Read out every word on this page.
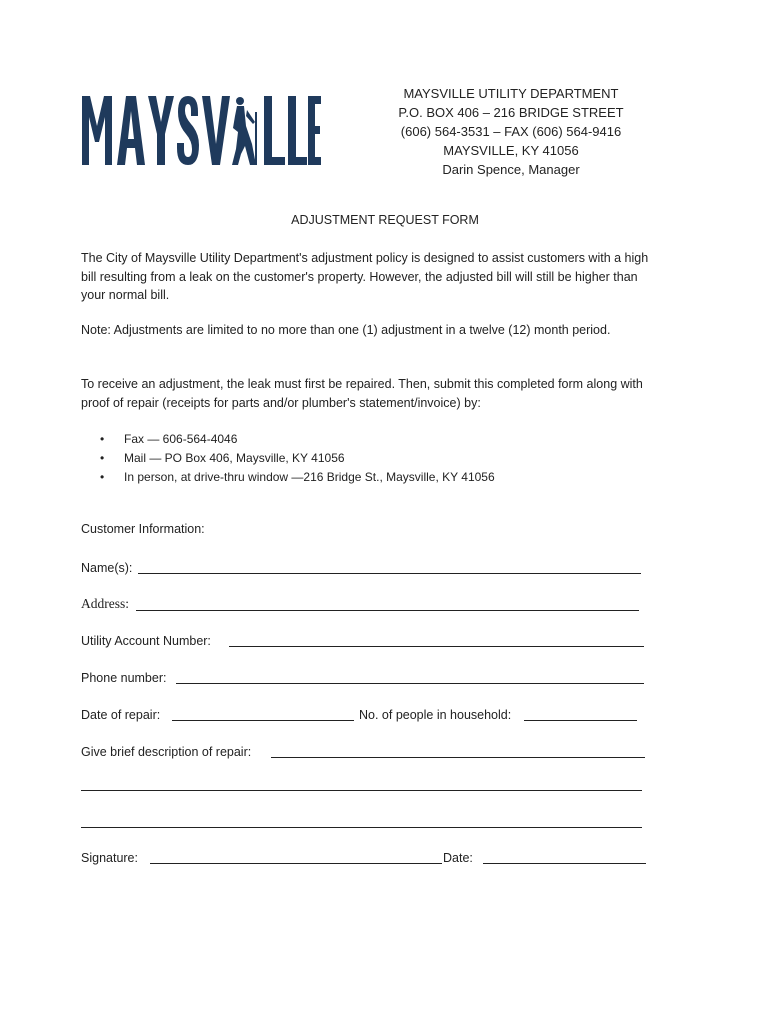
MAYSVILLE UTILITY DEPARTMENT
P.O. BOX 406 – 216 BRIDGE STREET
(606) 564-3531 – FAX (606) 564-9416
MAYSVILLE, KY 41056
Darin Spence, Manager
ADJUSTMENT REQUEST FORM
The City of Maysville Utility Department's adjustment policy is designed to assist customers with a high bill resulting from a leak on the customer's property. However, the adjusted bill will still be higher than your normal bill.
Note: Adjustments are limited to no more than one (1) adjustment in a twelve (12) month period.
To receive an adjustment, the leak must first be repaired. Then, submit this completed form along with proof of repair (receipts for parts and/or plumber's statement/invoice) by:
• Fax — 606-564-4046
• Mail — PO Box 406, Maysville, KY 41056
• In person, at drive-thru window —216 Bridge St., Maysville, KY 41056
Customer Information:
Name(s):
Address:
Utility Account Number:
Phone number:
Date of repair:	No. of people in household:
Give brief description of repair:
Signature:	Date:
